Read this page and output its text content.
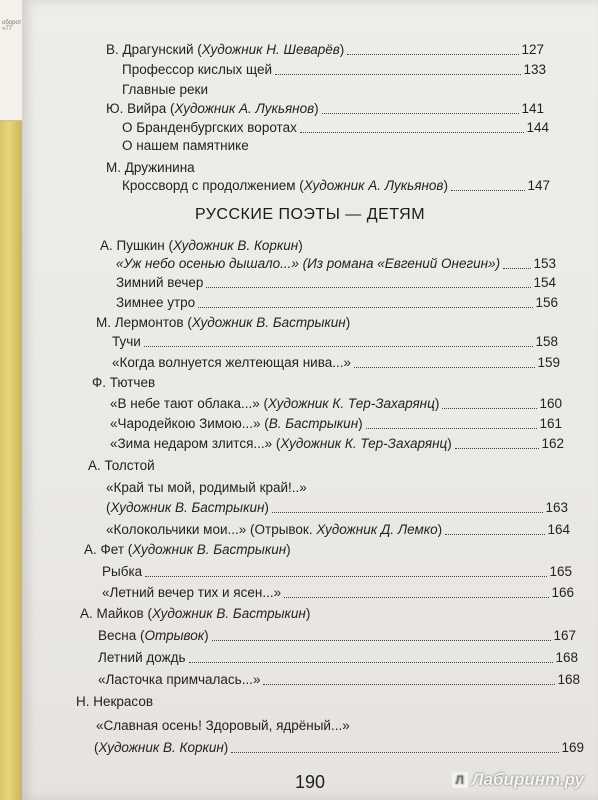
оборот
«77
В. Драгунский (Художник Н. Шеварёв)	127
Профессор кислых щей	133
Главные реки
Ю. Вийра (Художник А. Лукьянов)	141
О Бранденбургских воротах	144
О нашем памятнике
М. Дружинина
Кроссворд с продолжением (Художник А. Лукьянов)	147
РУССКИЕ ПОЭТЫ — ДЕТЯМ
А. Пушкин (Художник В. Коркин)
«Уж небо осенью дышало...» (Из романа «Евгений Онегин») 153
Зимний вечер	154
Зимнее утро	156
М. Лермонтов (Художник В. Бастрыкин)
Тучи	158
«Когда волнуется желтеющая нива...»	159
Ф. Тютчев
«В небе тают облака...» (Художник К. Тер-Захарянц)	160
«Чародейкою Зимою...» (В. Бастрыкин)	161
«Зима недаром злится...» (Художник К. Тер-Захарянц)	162
А. Толстой
«Край ты мой, родимый край!..»
(Художник В. Бастрыкин)	163
«Колокольчики мои...» (Отрывок. Художник Д. Лемко)	164
А. Фет (Художник В. Бастрыкин)
Рыбка	165
«Летний вечер тих и ясен...»	166
А. Майков (Художник В. Бастрыкин)
Весна (Отрывок)	167
Летний дождь	168
«Ласточка примчалась...»	168
Н. Некрасов
«Славная осень! Здоровый, ядрёный...»
(Художник В. Коркин)	169
190	Л Лабиринт.ру
